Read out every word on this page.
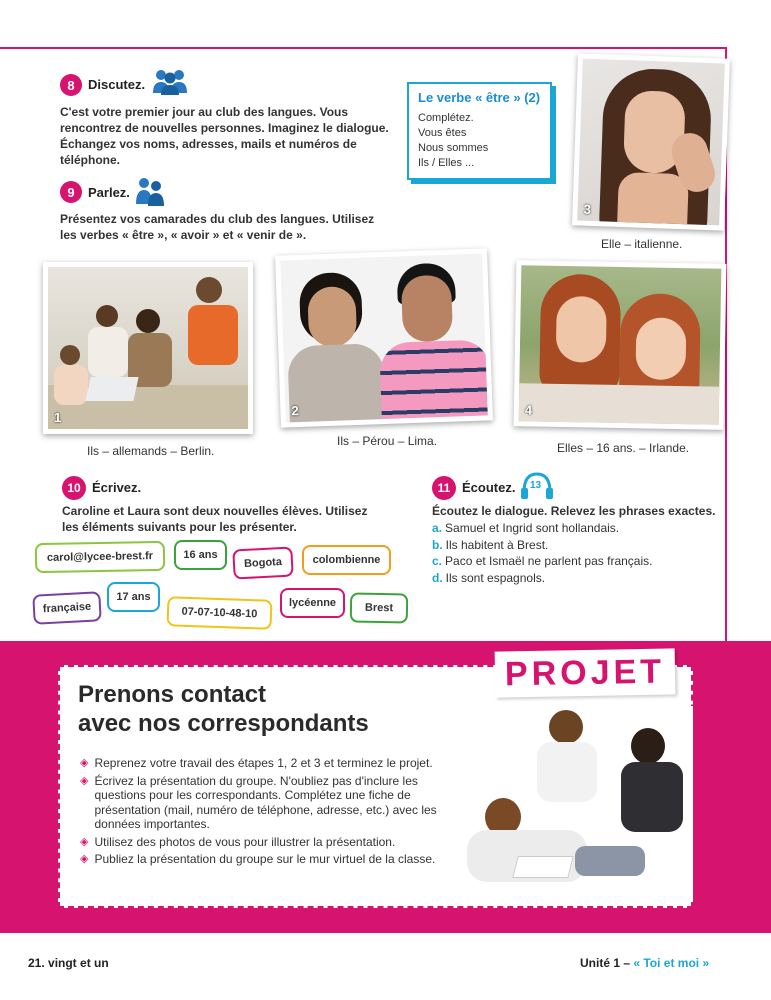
8	Discutez.
C'est votre premier jour au club des langues. Vous rencontrez de nouvelles personnes. Imaginez le dialogue. Échangez vos noms, adresses, mails et numéros de téléphone.
9	Parlez.
Présentez vos camarades du club des langues. Utilisez les verbes « être », « avoir » et « venir de ».
Le verbe « être » (2)
Complétez.
Vous êtes
Nous sommes
Ils / Elles ...
3
Elle – italienne.
1
Ils – allemands – Berlin.
2
Ils – Pérou – Lima.
4
Elles – 16 ans. – Irlande.
10 Écrivez.
Caroline et Laura sont deux nouvelles élèves. Utilisez les éléments suivants pour les présenter.
carol@lycee-brest.fr	16 ans
Bogota	colombienne
française
17 ans
07-07-10-48-10
lycéenne	Brest
11 Écoutez. 13
Écoutez le dialogue. Relevez les phrases exactes.
a. Samuel et Ingrid sont hollandais.
b. Ils habitent à Brest.
c. Paco et Ismaël ne parlent pas français.
d. Ils sont espagnols.
PROJET
Prenons contact
avec nos correspondants
◈ Reprenez votre travail des étapes 1, 2 et 3 et terminez le projet.
◈ Écrivez la présentation du groupe. N'oubliez pas d'inclure les questions pour les correspondants. Complétez une fiche de présentation (mail, numéro de téléphone, adresse, etc.) avec les données importantes.
◈ Utilisez des photos de vous pour illustrer la présentation.
◈ Publiez la présentation du groupe sur le mur virtuel de la classe.
21. vingt et un	Unité 1 – « Toi et moi »
